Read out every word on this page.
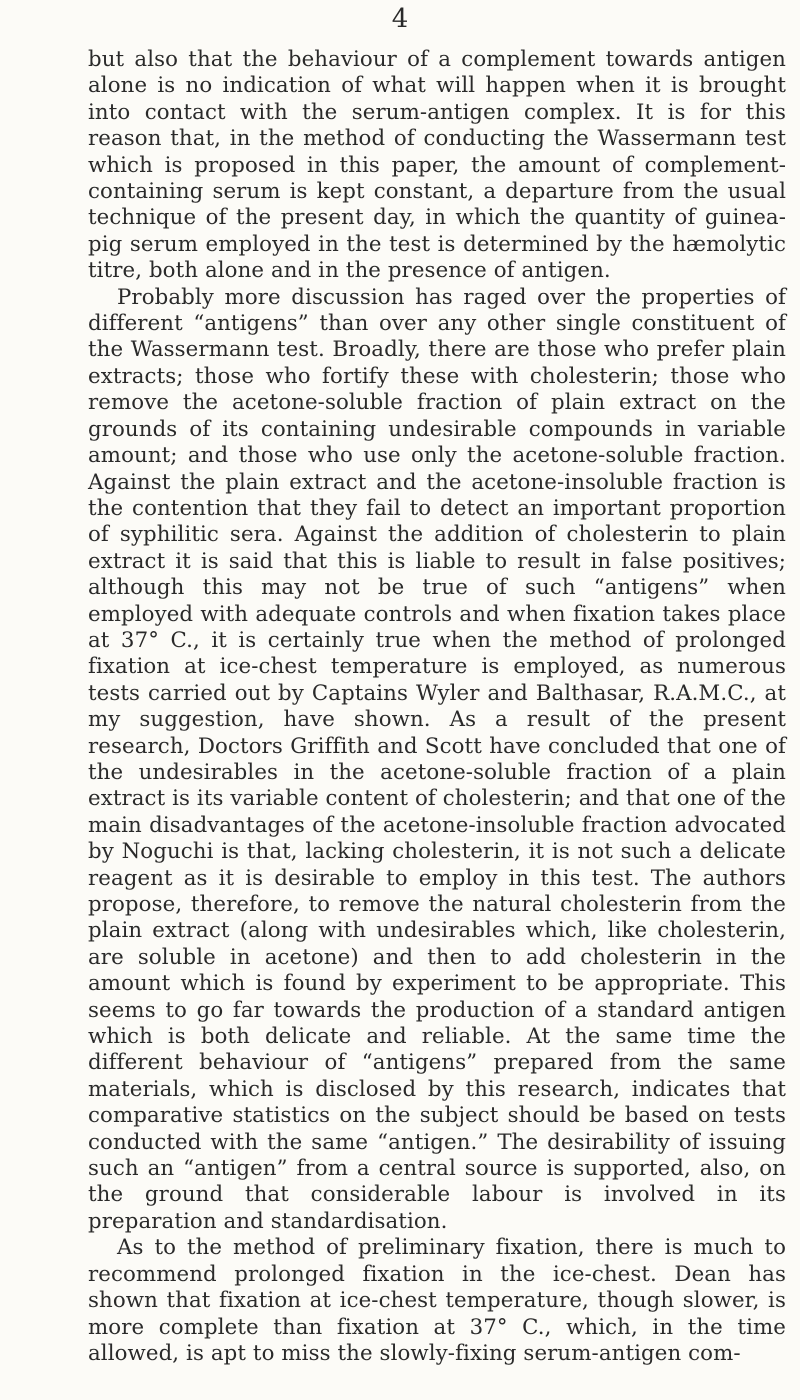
4

but also that the behaviour of a complement towards antigen alone is no indication of what will happen when it is brought into contact with the serum-antigen complex. It is for this reason that, in the method of conducting the Wassermann test which is proposed in this paper, the amount of complement-containing serum is kept constant, a departure from the usual technique of the present day, in which the quantity of guinea-pig serum employed in the test is determined by the hæmolytic titre, both alone and in the presence of antigen.

Probably more discussion has raged over the properties of different “antigens” than over any other single constituent of the Wassermann test. Broadly, there are those who prefer plain extracts; those who fortify these with cholesterin; those who remove the acetone-soluble fraction of plain extract on the grounds of its containing undesirable compounds in variable amount; and those who use only the acetone-soluble fraction. Against the plain extract and the acetone-insoluble fraction is the contention that they fail to detect an important proportion of syphilitic sera. Against the addition of cholesterin to plain extract it is said that this is liable to result in false positives; although this may not be true of such “antigens” when employed with adequate controls and when fixation takes place at 37° C., it is certainly true when the method of prolonged fixation at ice-chest temperature is employed, as numerous tests carried out by Captains Wyler and Balthasar, R.A.M.C., at my suggestion, have shown. As a result of the present research, Doctors Griffith and Scott have concluded that one of the undesirables in the acetone-soluble fraction of a plain extract is its variable content of cholesterin; and that one of the main disadvantages of the acetone-insoluble fraction advocated by Noguchi is that, lacking cholesterin, it is not such a delicate reagent as it is desirable to employ in this test. The authors propose, therefore, to remove the natural cholesterin from the plain extract (along with undesirables which, like cholesterin, are soluble in acetone) and then to add cholesterin in the amount which is found by experiment to be appropriate. This seems to go far towards the production of a standard antigen which is both delicate and reliable. At the same time the different behaviour of “antigens” prepared from the same materials, which is disclosed by this research, indicates that comparative statistics on the subject should be based on tests conducted with the same “antigen.” The desirability of issuing such an “antigen” from a central source is supported, also, on the ground that considerable labour is involved in its preparation and standardisation.

As to the method of preliminary fixation, there is much to recommend prolonged fixation in the ice-chest. Dean has shown that fixation at ice-chest temperature, though slower, is more complete than fixation at 37° C., which, in the time allowed, is apt to miss the slowly-fixing serum-antigen com-
